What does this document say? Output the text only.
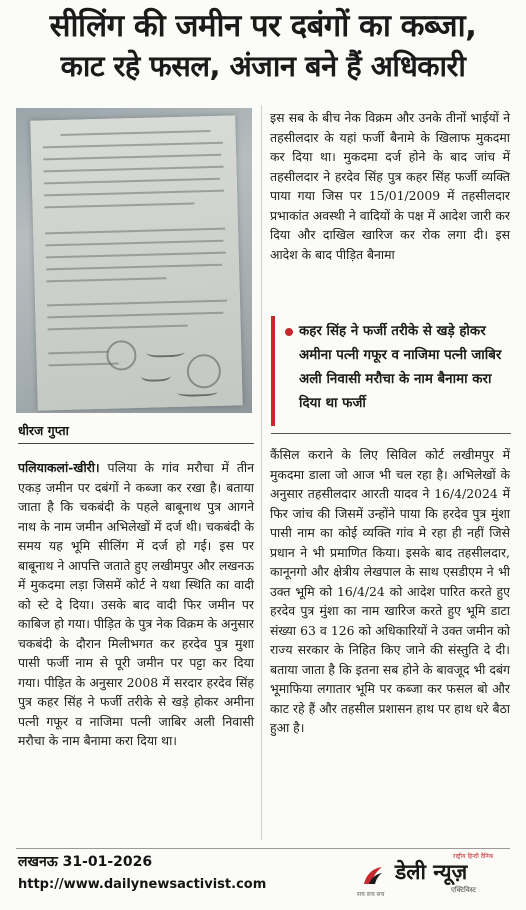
सीलिंग की जमीन पर दबंगों का कब्जा,
काट रहे फसल, अंजान बने हैं अधिकारी
धीरज गुप्ता

पलियाकलां-खीरी। पलिया के गांव मरौचा में तीन एकड़ जमीन पर दबंगों ने कब्जा कर रखा है। बताया जाता है कि चकबंदी के पहले बाबूनाथ पुत्र आगने नाथ के नाम जमीन अभिलेखों में दर्ज थी। चकबंदी के समय यह भूमि सीलिंग में दर्ज हो गई। इस पर बाबूनाथ ने आपत्ति जताते हुए लखीमपुर और लखनऊ में मुकदमा लड़ा जिसमें कोर्ट ने यथा स्थिति का वादी को स्टे दे दिया। उसके बाद वादी फिर जमीन पर काबिज हो गया। पीड़ित के पुत्र नेक विक्रम के अनुसार चकबंदी के दौरान मिलीभगत कर हरदेव पुत्र मुशा पासी फर्जी नाम से पूरी जमीन पर पट्टा कर दिया गया। पीड़ित के अनुसार 2008 में सरदार हरदेव सिंह पुत्र कहर सिंह ने फर्जी तरीके से खड़े होकर अमीना पत्नी गफूर व नाजिमा पत्नी जाबिर अली निवासी मरौचा के नाम बैनामा करा दिया था।

इस सब के बीच नेक विक्रम और उनके तीनों भाईयों ने तहसीलदार के यहां फर्जी बैनामे के खिलाफ मुकदमा कर दिया था। मुकदमा दर्ज होने के बाद जांच में तहसीलदार ने हरदेव सिंह पुत्र कहर सिंह फर्जी व्यक्ति पाया गया जिस पर 15/01/2009 में तहसीलदार प्रभाकांत अवस्थी ने वादियों के पक्ष में आदेश जारी कर दिया और दाखिल खारिज कर रोक लगा दी। इस आदेश के बाद पीड़ित बैनामा

कहर सिंह ने फर्जी तरीके से खड़े होकर अमीना पत्नी गफूर व नाजिमा पत्नी जाबिर अली निवासी मरौचा के नाम बैनामा करा दिया था फर्जी

कैंसिल कराने के लिए सिविल कोर्ट लखीमपुर में मुकदमा डाला जो आज भी चल रहा है। अभिलेखों के अनुसार तहसीलदार आरती यादव ने 16/4/2024 में फिर जांच की जिसमें उन्होंने पाया कि हरदेव पुत्र मुंशा पासी नाम का कोई व्यक्ति गांव मे रहा ही नहीं जिसे प्रधान ने भी प्रमाणित किया। इसके बाद तहसीलदार, कानूनगो और क्षेत्रीय लेखपाल के साथ एसडीएम ने भी उक्त भूमि को 16/4/24 को आदेश पारित करते हुए हरदेव पुत्र मुंशा का नाम खारिज करते हुए भूमि डाटा संख्या 63 व 126 को अधिकारियों ने उक्त जमीन को राज्य सरकार के निहित किए जाने की संस्तुति दे दी। बताया जाता है कि इतना सब होने के बावजूद भी दबंग भूमाफिया लगातार भूमि पर कब्जा कर फसल बो और काट रहे हैं और तहसील प्रशासन हाथ पर हाथ धरे बैठा हुआ है।

लखनऊ 31-01-2026
http://www.dailynewsactivist.com
राष्ट्रीय हिन्दी दैनिक
डेली न्यूज़
एक्टिविस्ट
सच सच सच
